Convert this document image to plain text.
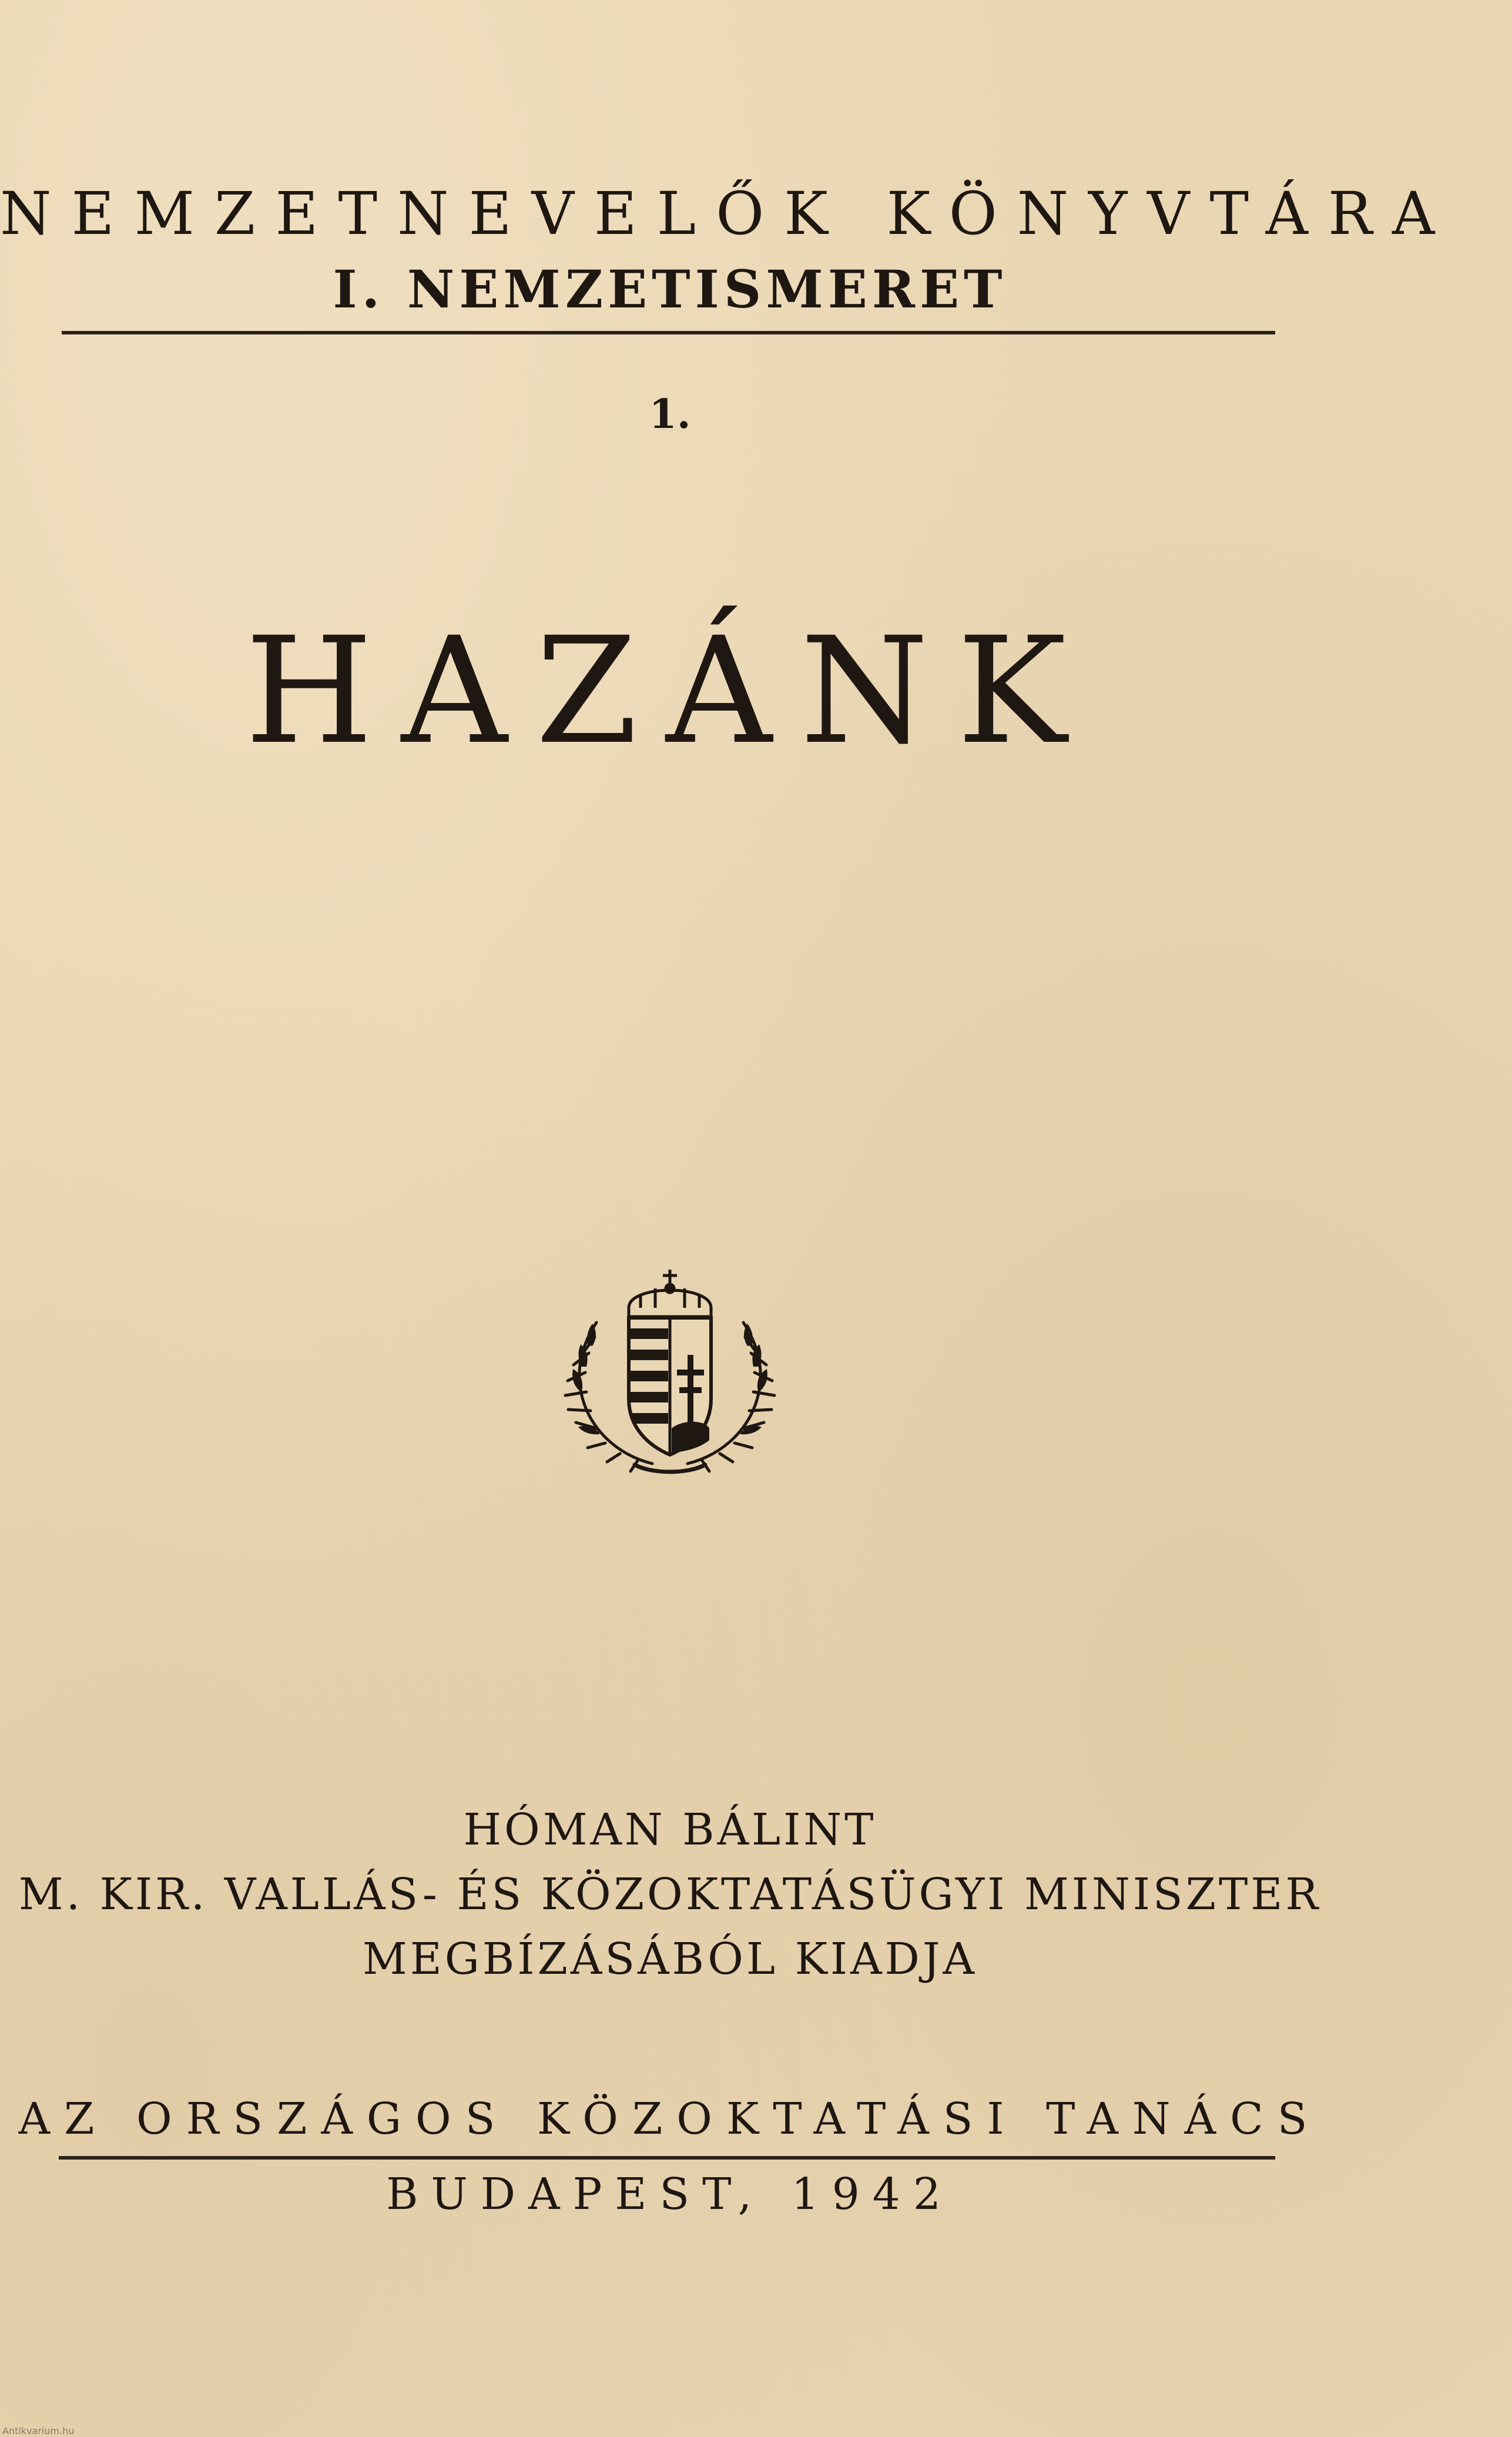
NEMZETNEVELŐK KÖNYVTÁRA
I. NEMZETISMERET
1.
HAZÁNK
HÓMAN BÁLINT
M. KIR. VALLÁS- ÉS KÖZOKTATÁSÜGYI MINISZTER
MEGBÍZÁSÁBÓL KIADJA
AZ ORSZÁGOS KÖZOKTATÁSI TANÁCS
BUDAPEST, 1942
Antikvarium.hu
